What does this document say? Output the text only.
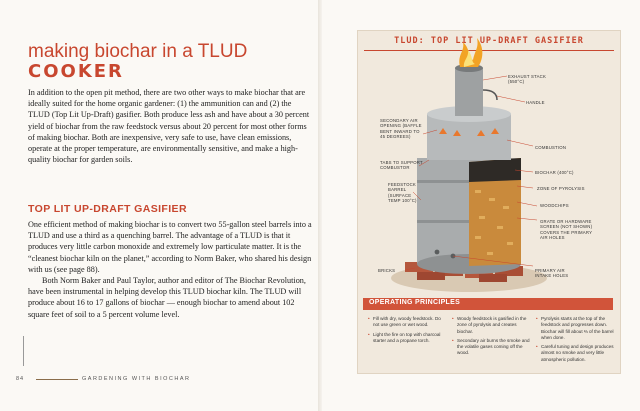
making biochar in a TLUD
COOKER
In addition to the open pit method, there are two other ways to make biochar that are ideally suited for the home organic gardener: (1) the ammunition can and (2) the TLUD (Top Lit Up-Draft) gasifier. Both produce less ash and have about a 30 percent yield of biochar from the raw feedstock versus about 20 percent for most other forms of making biochar. Both are inexpensive, very safe to use, have clean emissions, operate at the proper temperature, are environmentally sensitive, and make a high-quality biochar for garden soils.
TOP LIT UP-DRAFT GASIFIER
One efficient method of making biochar is to convert two 55-gallon steel barrels into a TLUD and use a third as a quenching barrel. The advantage of a TLUD is that it produces very little carbon monoxide and extremely low particulate matter. It is the “cleanest biochar kiln on the planet,” according to Norm Baker, who shared his design with us (see page 88).
Both Norm Baker and Paul Taylor, author and editor of The Biochar Revolution, have been instrumental in helping develop this TLUD biochar kiln. The TLUD will produce about 16 to 17 gallons of biochar — enough biochar to amend about 102 square feet of soil to a 5 percent volume level.
84	GARDENING WITH BIOCHAR
TLUD: TOP LIT UP-DRAFT GASIFIER
EXHAUST STACK
(550°C)
HANDLE
SECONDARY AIR
OPENING (BAFFLE
BENT INWARD TO
45 DEGREES)
COMBUSTION
TABS TO SUPPORT
COMBUSTOR
BIOCHAR (400°C)
ZONE OF PYROLYSIS
FEEDSTOCK
BARREL
(SURFACE
TEMP 100°C)
WOODCHIPS
GRATE OR HARDWARE
SCREEN (NOT SHOWN)
COVERS THE PRIMARY
AIR HOLES
BRICKS	PRIMARY AIR
INTAKE HOLES
OPERATING PRINCIPLES
• Fill with dry, woody feedstock. Do not use green or wet wood.
• Light the fire on top with charcoal starter and a propane torch.
• Woody feedstock is gasified in the zone of pyrolysis and creates biochar.
• Secondary air burns the smoke and the volatile gases coming off the wood.
• Pyrolysis starts at the top of the feedstock and progresses down. Biochar will fill about ⅔ of the barrel when done.
• Careful tuning and design produces almost no smoke and very little atmospheric pollution.
